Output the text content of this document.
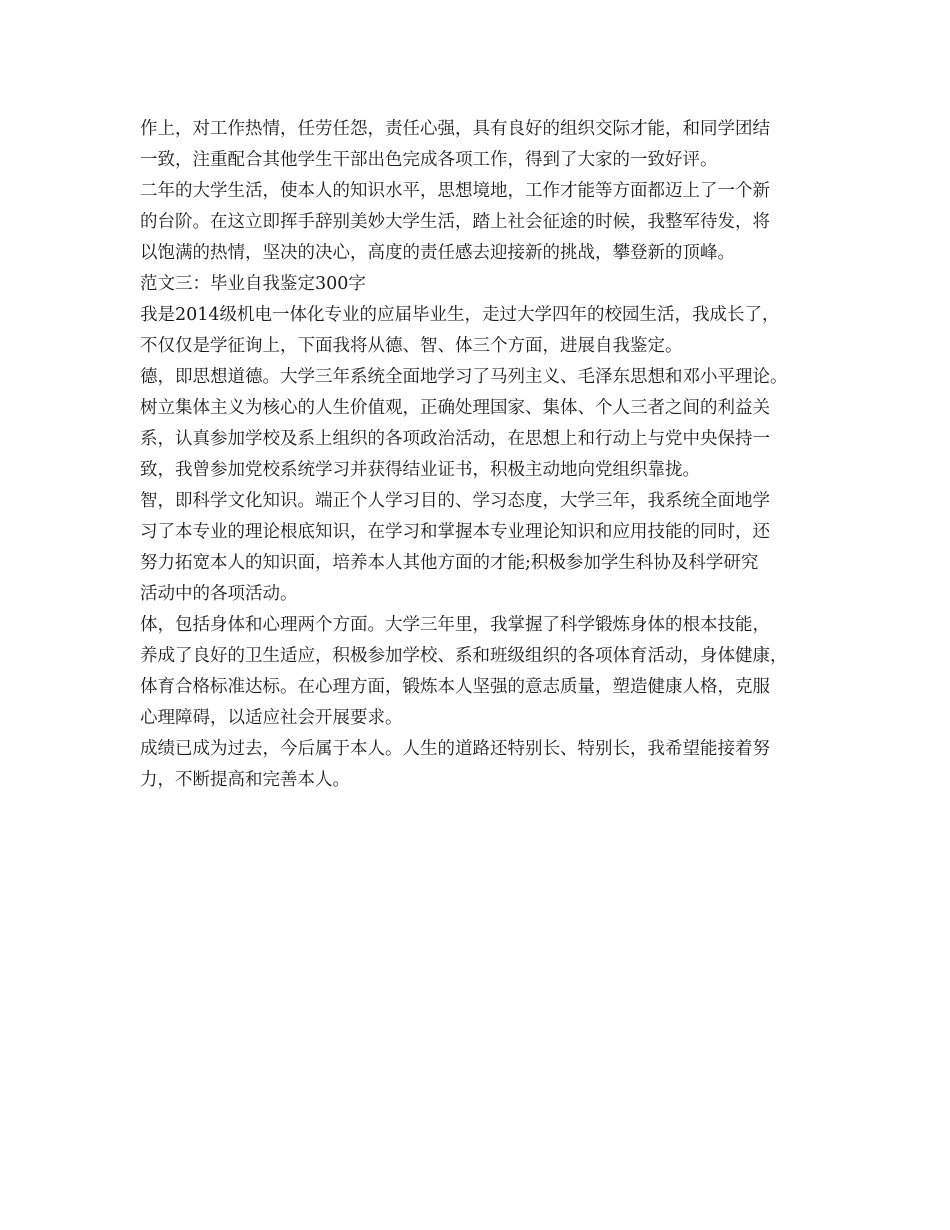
作上，对工作热情，任劳任怨，责任心强，具有良好的组织交际才能，和同学团结
一致，注重配合其他学生干部出色完成各项工作，得到了大家的一致好评。
二年的大学生活，使本人的知识水平，思想境地，工作才能等方面都迈上了一个新
的台阶。在这立即挥手辞别美妙大学生活，踏上社会征途的时候，我整军待发，将
以饱满的热情，坚决的决心，高度的责任感去迎接新的挑战，攀登新的顶峰。
范文三：毕业自我鉴定300字
我是2014级机电一体化专业的应届毕业生，走过大学四年的校园生活，我成长了，
不仅仅是学征询上，下面我将从德、智、体三个方面，进展自我鉴定。
德，即思想道德。大学三年系统全面地学习了马列主义、毛泽东思想和邓小平理论。
树立集体主义为核心的人生价值观，正确处理国家、集体、个人三者之间的利益关
系，认真参加学校及系上组织的各项政治活动，在思想上和行动上与党中央保持一
致，我曾参加党校系统学习并获得结业证书，积极主动地向党组织靠拢。
智，即科学文化知识。端正个人学习目的、学习态度，大学三年，我系统全面地学
习了本专业的理论根底知识，在学习和掌握本专业理论知识和应用技能的同时，还
努力拓宽本人的知识面，培养本人其他方面的才能;积极参加学生科协及科学研究
活动中的各项活动。
体，包括身体和心理两个方面。大学三年里，我掌握了科学锻炼身体的根本技能，
养成了良好的卫生适应，积极参加学校、系和班级组织的各项体育活动，身体健康，
体育合格标准达标。在心理方面，锻炼本人坚强的意志质量，塑造健康人格，克服
心理障碍，以适应社会开展要求。
成绩已成为过去，今后属于本人。人生的道路还特别长、特别长，我希望能接着努
力，不断提高和完善本人。
